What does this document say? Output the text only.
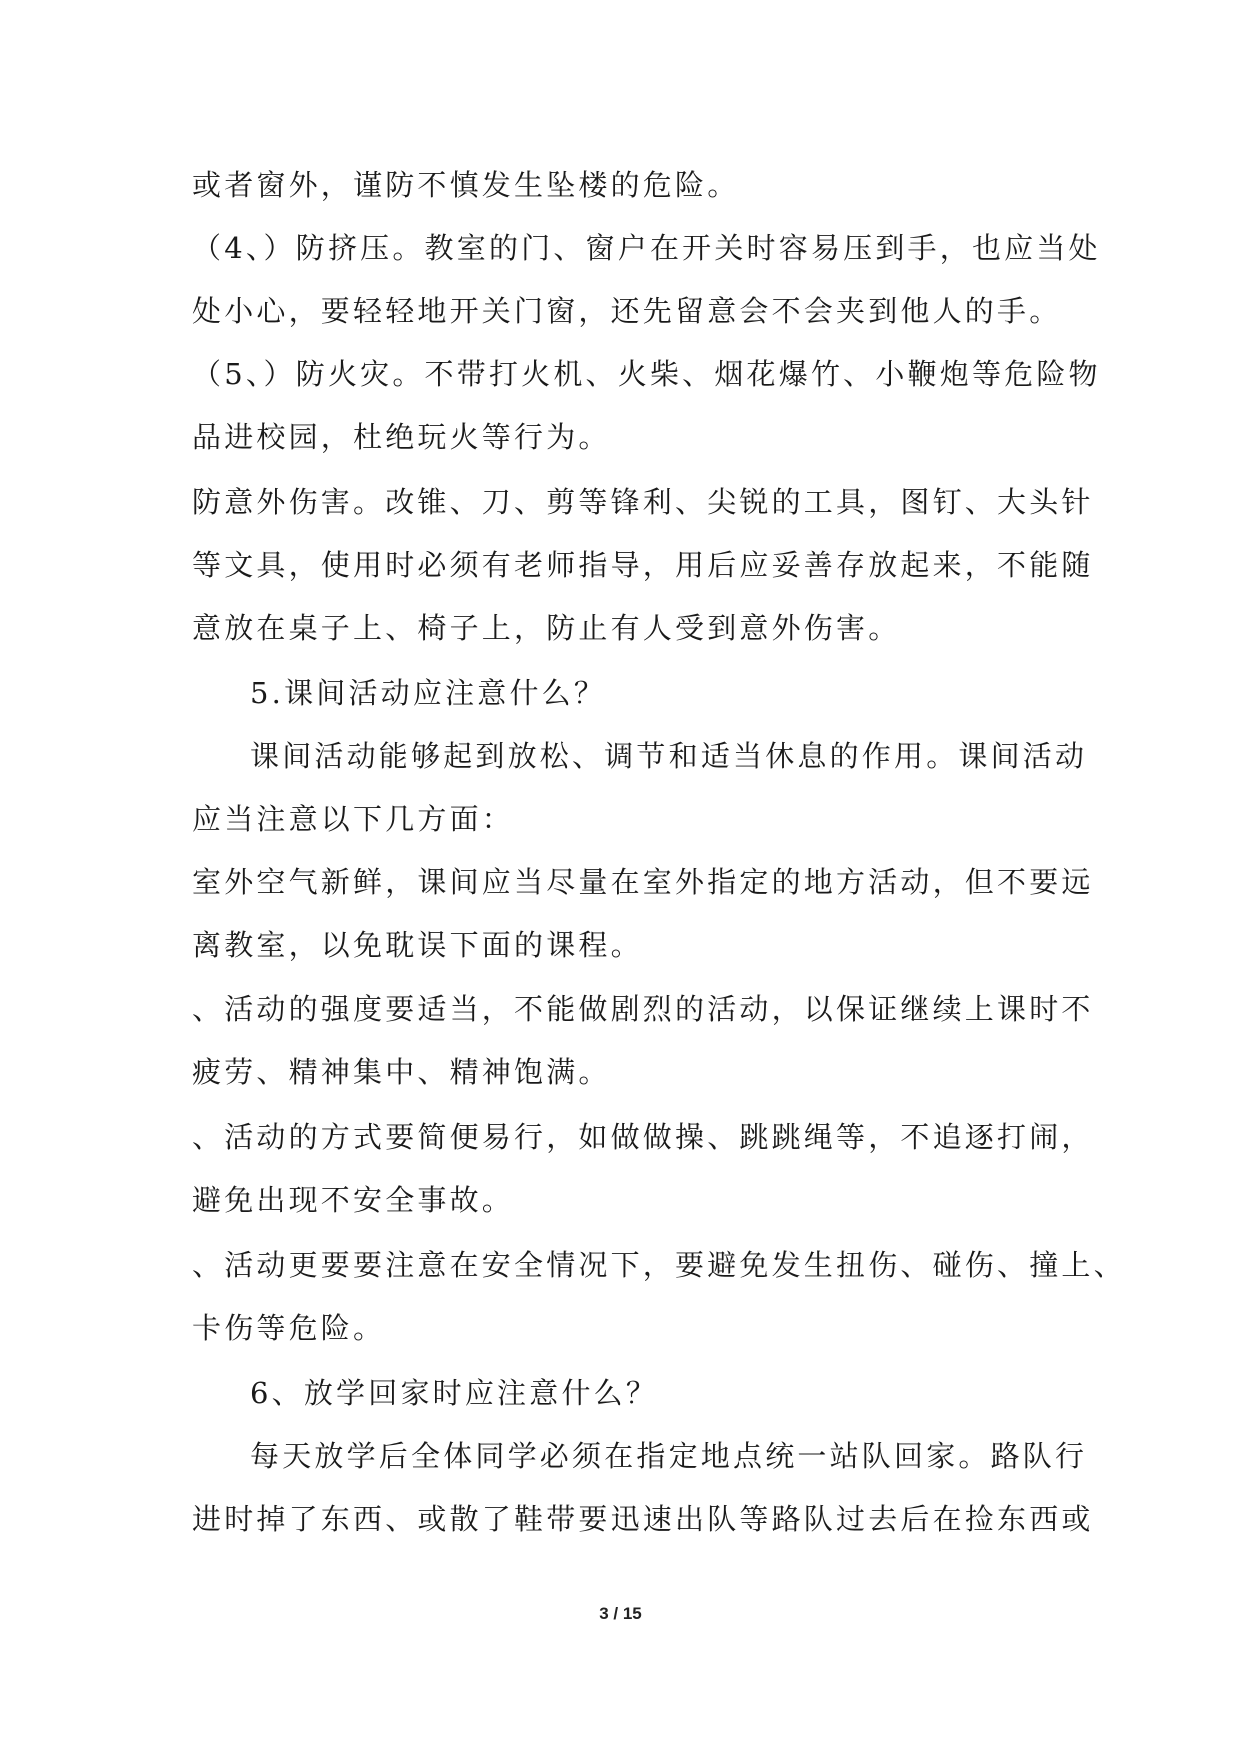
或者窗外，谨防不慎发生坠楼的危险。
（4、）防挤压。教室的门、窗户在开关时容易压到手，也应当处
处小心，要轻轻地开关门窗，还先留意会不会夹到他人的手。
（5、）防火灾。不带打火机、火柴、烟花爆竹、小鞭炮等危险物
品进校园，杜绝玩火等行为。
防意外伤害。改锥、刀、剪等锋利、尖锐的工具，图钉、大头针
等文具，使用时必须有老师指导，用后应妥善存放起来，不能随
意放在桌子上、椅子上，防止有人受到意外伤害。
5.课间活动应注意什么？
课间活动能够起到放松、调节和适当休息的作用。课间活动
应当注意以下几方面：
室外空气新鲜，课间应当尽量在室外指定的地方活动，但不要远
离教室，以免耽误下面的课程。
、活动的强度要适当，不能做剧烈的活动，以保证继续上课时不
疲劳、精神集中、精神饱满。
、活动的方式要简便易行，如做做操、跳跳绳等，不追逐打闹，
避免出现不安全事故。
、活动更要要注意在安全情况下，要避免发生扭伤、碰伤、撞上、
卡伤等危险。
6、放学回家时应注意什么？
每天放学后全体同学必须在指定地点统一站队回家。路队行
进时掉了东西、或散了鞋带要迅速出队等路队过去后在捡东西或
3 / 15
